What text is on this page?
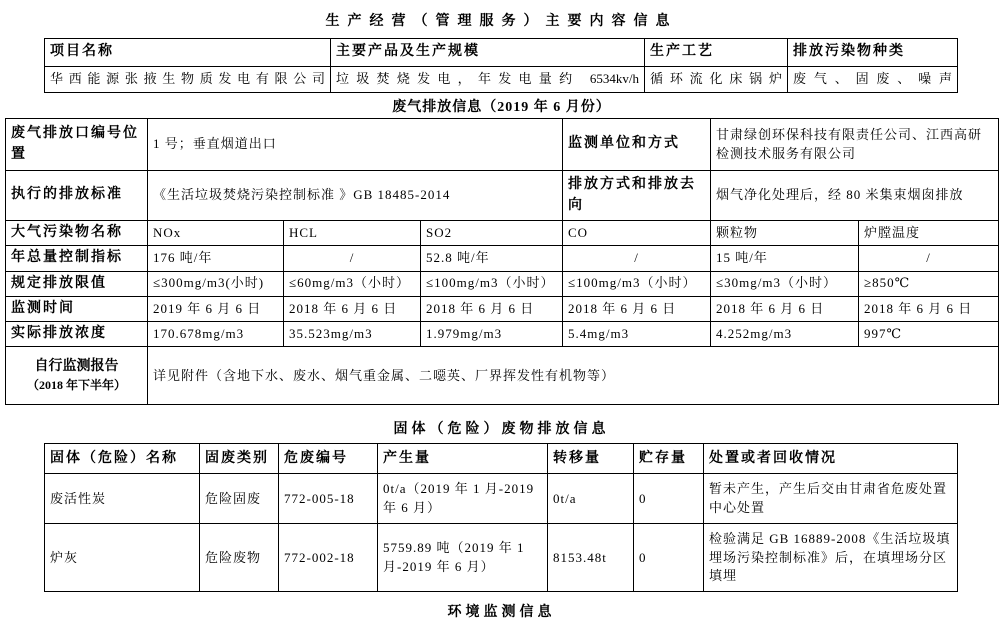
生产经营（管理服务）主要内容信息
项目名称	主要产品及生产规模	生产工艺	排放污染物种类
华西能源张掖生物质发电有限公司	垃圾焚烧发电，年发电量约 6534kv/h	循环流化床锅炉	废气、固废、噪声
废气排放信息（2019 年 6 月份）
废气排放口编号位置	1 号；垂直烟道出口			监测单位和方式	甘肃绿创环保科技有限责任公司、江西高研检测技术服务有限公司	
执行的排放标准	《生活垃圾焚烧污染控制标准 》GB 18485-2014			排放方式和排放去向	烟气净化处理后，经 80 米集束烟囱排放	
大气污染物名称	NOx	HCL	SO2	CO	颗粒物	炉膛温度
年总量控制指标	176 吨/年	/	52.8 吨/年	/	15 吨/年	/
规定排放限值	≤300mg/m3(小时)	≤60mg/m3（小时）	≤100mg/m3（小时）	≤100mg/m3（小时）	≤30mg/m3（小时）	≥850℃
监测时间	2019 年 6 月 6 日	2018 年 6 月 6 日	2018 年 6 月 6 日	2018 年 6 月 6 日	2018 年 6 月 6 日	2018 年 6 月 6 日
实际排放浓度	170.678mg/m3	35.523mg/m3	1.979mg/m3	5.4mg/m3	4.252mg/m3	997℃

自行监测报告
（2018 年下半年）	详见附件（含地下水、废水、烟气重金属、二噁英、厂界挥发性有机物等）					
固体（危险）废物排放信息
固体（危险）名称	固废类别	危废编号	产生量	转移量	贮存量	处置或者回收情况
废活性炭	危险固废	772-005-18	0t/a（2019 年 1 月-2019 年 6 月）	0t/a	0	暂未产生，产生后交由甘肃省危废处置中心处置
炉灰	危险废物	772-002-18	5759.89 吨（2019 年 1 月-2019 年 6 月）	8153.48t	0	检验满足 GB 16889-2008《生活垃圾填埋场污染控制标准》后，在填埋场分区填埋
环境监测信息
